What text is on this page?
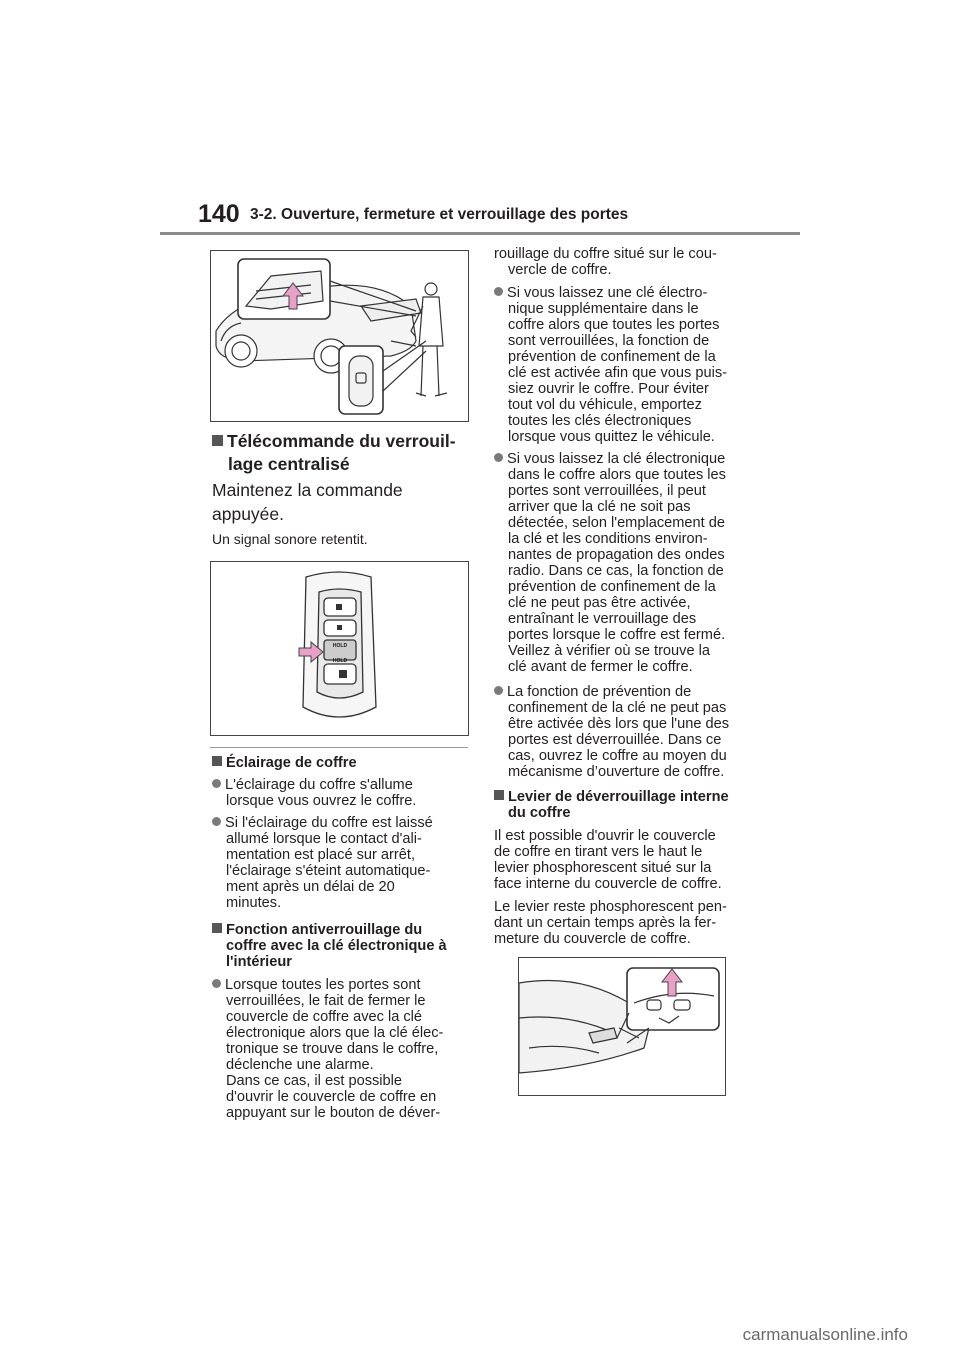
140 3-2. Ouverture, fermeture et verrouillage des portes
Télécommande du verrouil-
lage centralisé
Maintenez la commande
appuyée.
Un signal sonore retentit.
HOLD
HOLD
Éclairage de coffre
L'éclairage du coffre s'allume
lorsque vous ouvrez le coffre.
Si l'éclairage du coffre est laissé
allumé lorsque le contact d'ali-
mentation est placé sur arrêt,
l'éclairage s'éteint automatique-
ment après un délai de 20
minutes.
Fonction antiverrouillage du
coffre avec la clé électronique à
l'intérieur
Lorsque toutes les portes sont
verrouillées, le fait de fermer le
couvercle de coffre avec la clé
électronique alors que la clé élec-
tronique se trouve dans le coffre,
déclenche une alarme.
Dans ce cas, il est possible
d'ouvrir le couvercle de coffre en
appuyant sur le bouton de déver-
rouillage du coffre situé sur le cou-
vercle de coffre.
Si vous laissez une clé électro-
nique supplémentaire dans le
coffre alors que toutes les portes
sont verrouillées, la fonction de
prévention de confinement de la
clé est activée afin que vous puis-
siez ouvrir le coffre. Pour éviter
tout vol du véhicule, emportez
toutes les clés électroniques
lorsque vous quittez le véhicule.
Si vous laissez la clé électronique
dans le coffre alors que toutes les
portes sont verrouillées, il peut
arriver que la clé ne soit pas
détectée, selon l'emplacement de
la clé et les conditions environ-
nantes de propagation des ondes
radio. Dans ce cas, la fonction de
prévention de confinement de la
clé ne peut pas être activée,
entraînant le verrouillage des
portes lorsque le coffre est fermé.
Veillez à vérifier où se trouve la
clé avant de fermer le coffre.
La fonction de prévention de
confinement de la clé ne peut pas
être activée dès lors que l'une des
portes est déverrouillée. Dans ce
cas, ouvrez le coffre au moyen du
mécanisme d’ouverture de coffre.
Levier de déverrouillage interne
du coffre
Il est possible d'ouvrir le couvercle
de coffre en tirant vers le haut le
levier phosphorescent situé sur la
face interne du couvercle de coffre.
Le levier reste phosphorescent pen-
dant un certain temps après la fer-
meture du couvercle de coffre.
carmanualsonline.info
